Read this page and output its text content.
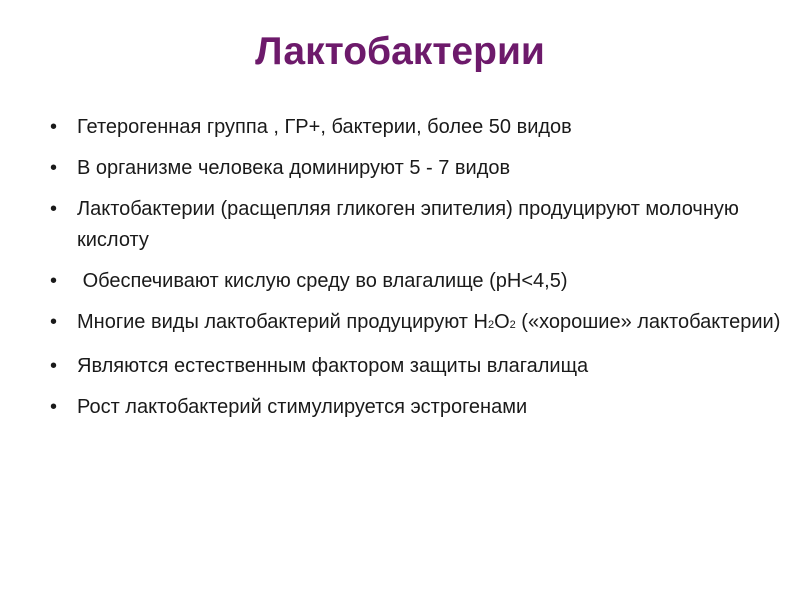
Лактобактерии
• Гетерогенная группа , ГР+, бактерии, более 50 видов
• В организме человека доминируют 5 - 7 видов
• Лактобактерии (расщепляя гликоген эпителия) продуцируют молочную кислоту
• Обеспечивают кислую среду во влагалище (pH<4,5)
• Многие виды лактобактерий продуцируют H2O2 («хорошие» лактобактерии)
• Являются естественным фактором защиты влагалища
• Рост лактобактерий стимулируется эстрогенами
